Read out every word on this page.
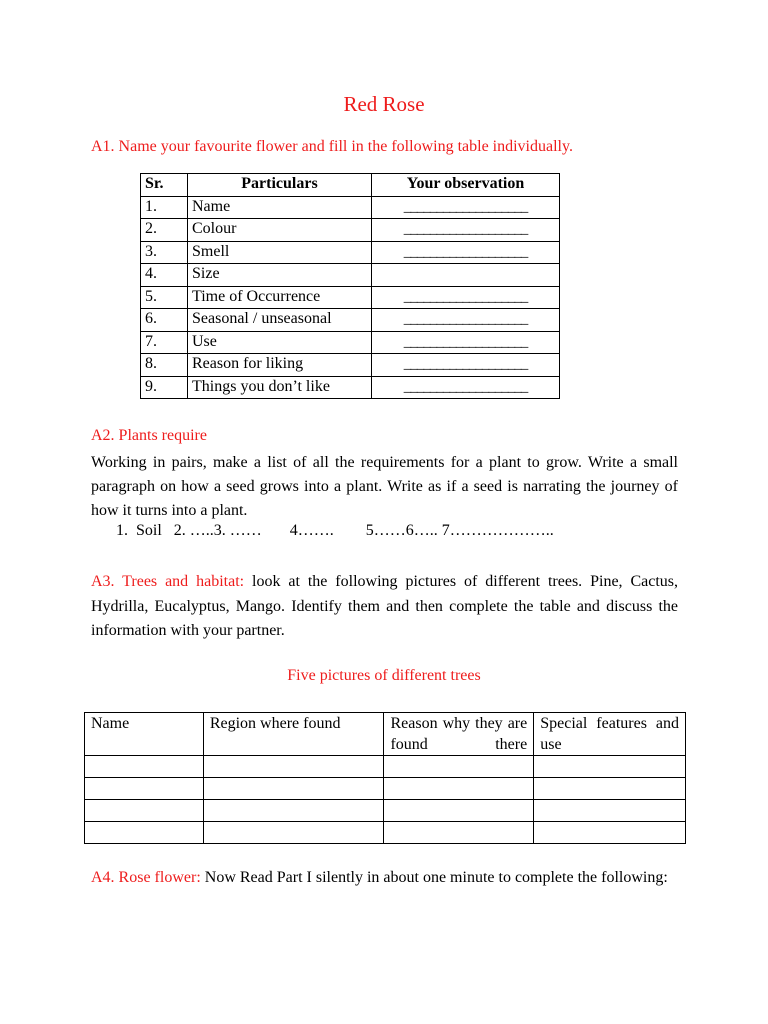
Red Rose
A1. Name your favourite flower and fill in the following table individually.
Sr.	Particulars	Your observation
1.	Name	___________________
2.	Colour	___________________
3.	Smell	___________________
4.	Size	
5.	Time of Occurrence	___________________
6.	Seasonal / unseasonal	___________________
7.	Use	___________________
8.	Reason for liking	___________________
9.	Things you don’t like	___________________
A2. Plants require
Working in pairs, make a list of all the requirements for a plant to grow. Write a small paragraph on how a seed grows into a plant. Write as if a seed is narrating the journey of how it turns into a plant.
1.  Soil   2. …..3. ……       4…….        5……6….. 7………………..
A3. Trees and habitat: look at the following pictures of different trees. Pine, Cactus, Hydrilla, Eucalyptus, Mango. Identify them and then complete the table and discuss the information with your partner.
Five pictures of different trees
Name	Region where found	Reason why they are found there	Special features and use

A4. Rose flower: Now Read Part I silently in about one minute to complete the following:
